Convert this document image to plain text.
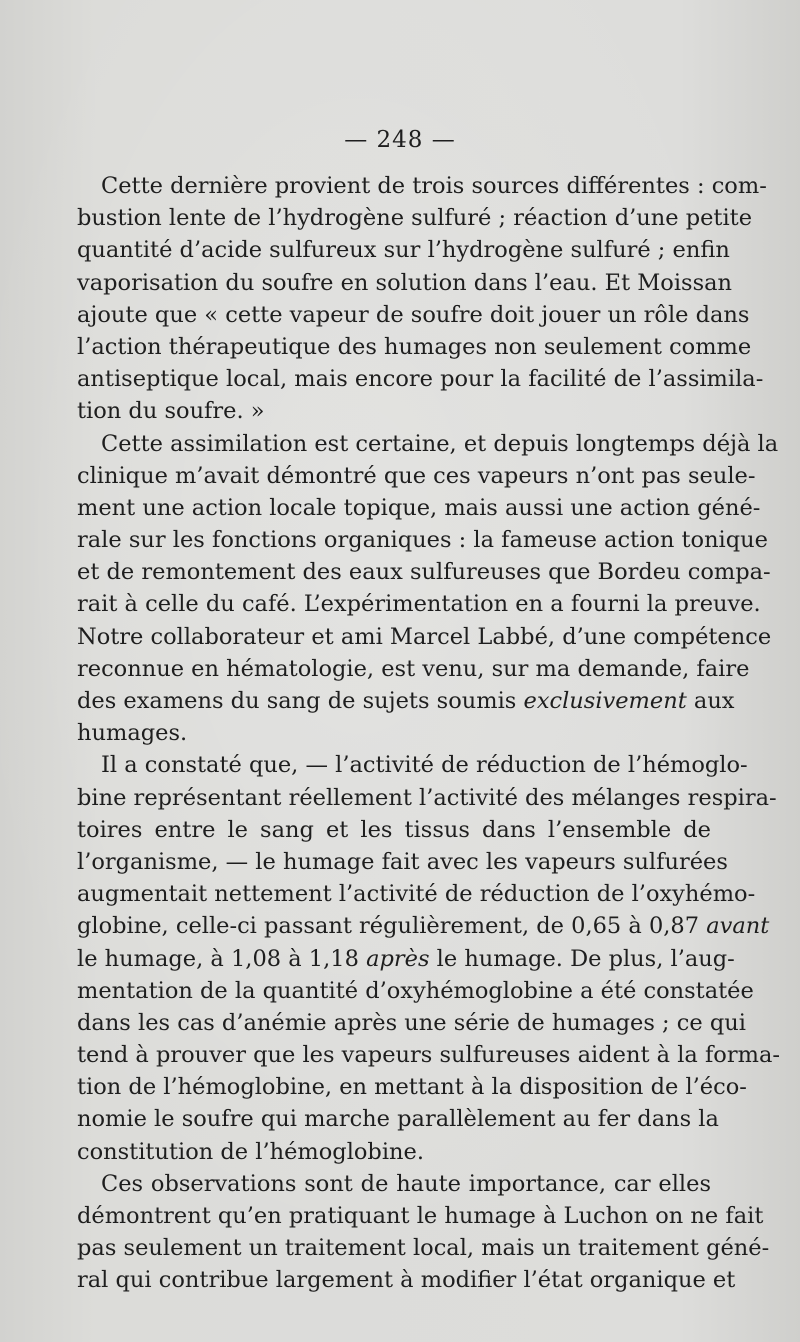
— 248 —
Cette dernière provient de trois sources différentes : com-
bustion lente de l’hydrogène sulfuré ; réaction d’une petite
quantité d’acide sulfureux sur l’hydrogène sulfuré ; enfin
vaporisation du soufre en solution dans l’eau. Et Moissan
ajoute que « cette vapeur de soufre doit jouer un rôle dans
l’action thérapeutique des humages non seulement comme
antiseptique local, mais encore pour la facilité de l’assimila-
tion du soufre. »
Cette assimilation est certaine, et depuis longtemps déjà la
clinique m’avait démontré que ces vapeurs n’ont pas seule-
ment une action locale topique, mais aussi une action géné-
rale sur les fonctions organiques : la fameuse action tonique
et de remontement des eaux sulfureuses que Bordeu compa-
rait à celle du café. L’expérimentation en a fourni la preuve.
Notre collaborateur et ami Marcel Labbé, d’une compétence
reconnue en hématologie, est venu, sur ma demande, faire
des examens du sang de sujets soumis exclusivement aux
humages.
Il a constaté que, — l’activité de réduction de l’hémoglo-
bine représentant réellement l’activité des mélanges respira-
toires entre le sang et les tissus dans l’ensemble de
l’organisme, — le humage fait avec les vapeurs sulfurées
augmentait nettement l’activité de réduction de l’oxyhémo-
globine, celle-ci passant régulièrement, de 0,65 à 0,87 avant
le humage, à 1,08 à 1,18 après le humage. De plus, l’aug-
mentation de la quantité d’oxyhémoglobine a été constatée
dans les cas d’anémie après une série de humages ; ce qui
tend à prouver que les vapeurs sulfureuses aident à la forma-
tion de l’hémoglobine, en mettant à la disposition de l’éco-
nomie le soufre qui marche parallèlement au fer dans la
constitution de l’hémoglobine.
Ces observations sont de haute importance, car elles
démontrent qu’en pratiquant le humage à Luchon on ne fait
pas seulement un traitement local, mais un traitement géné-
ral qui contribue largement à modifier l’état organique et
